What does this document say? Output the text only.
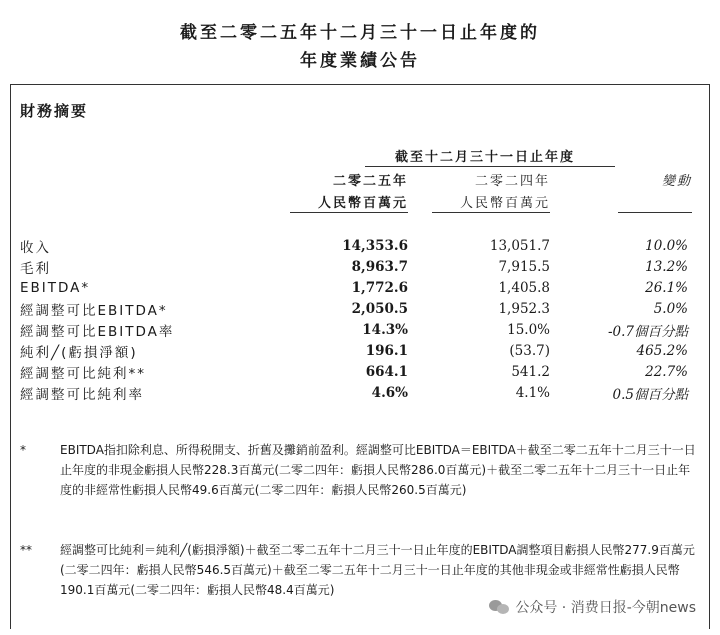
截至二零二五年十二月三十一日止年度的
年度業績公告
財務摘要
截至十二月三十一日止年度
二零二五年	二零二四年	變動
人民幣百萬元	人民幣百萬元
收入	14,353.6	13,051.7	10.0%
毛利	8,963.7	7,915.5	13.2%
EBITDA*	1,772.6	1,405.8	26.1%
經調整可比EBITDA*	2,050.5	1,952.3	5.0%
經調整可比EBITDA率	14.3%	15.0%	-0.7個百分點
純利╱(虧損淨額)	196.1	(53.7)	465.2%
經調整可比純利**	664.1	541.2	22.7%
經調整可比純利率	4.6%	4.1%	0.5個百分點
*	EBITDA指扣除利息、所得税開支、折舊及攤銷前盈利。經調整可比EBITDA＝EBITDA＋截至二零二五年十二月三十一日止年度的非現金虧損人民幣228.3百萬元(二零二四年：虧損人民幣286.0百萬元)＋截至二零二五年十二月三十一日止年度的非經常性虧損人民幣49.6百萬元(二零二四年：虧損人民幣260.5百萬元)
** 經調整可比純利＝純利╱(虧損淨額)＋截至二零二五年十二月三十一日止年度的EBITDA調整項目虧損人民幣277.9百萬元(二零二四年：虧損人民幣546.5百萬元)＋截至二零二五年十二月三十一日止年度的其他非現金或非經常性虧損人民幣190.1百萬元(二零二四年：虧損人民幣48.4百萬元)
公众号 · 消费日报-今朝news
